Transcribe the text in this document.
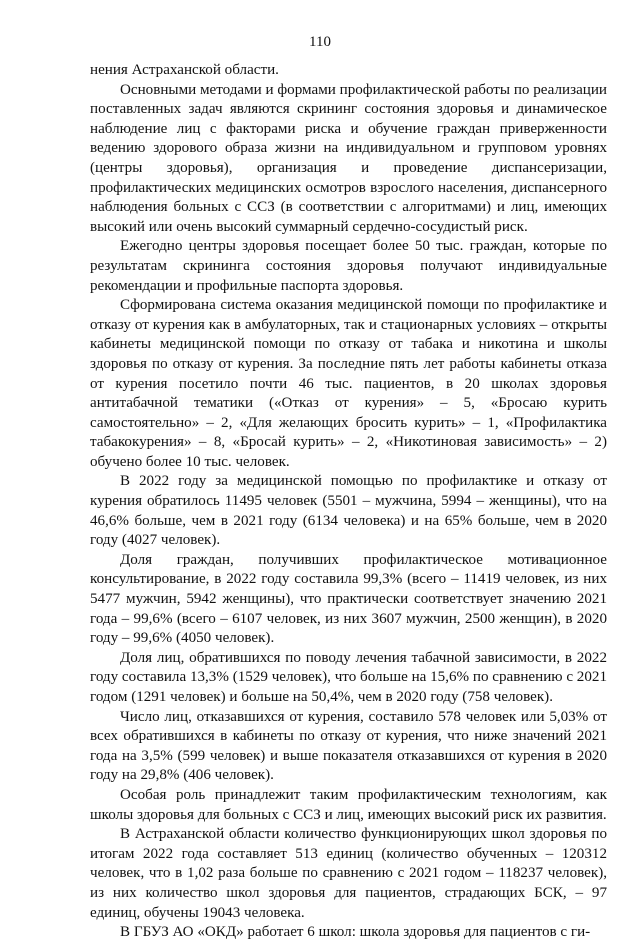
110

нения Астраханской области.

Основными методами и формами профилактической работы по реализации поставленных задач являются скрининг состояния здоровья и динамическое наблюдение лиц с факторами риска и обучение граждан приверженности ведению здорового образа жизни на индивидуальном и групповом уровнях (центры здоровья), организация и проведение диспансеризации, профилактических медицинских осмотров взрослого населения, диспансерного наблюдения больных с ССЗ (в соответствии с алгоритмами) и лиц, имеющих высокий или очень высокий суммарный сердечно-сосудистый риск.

Ежегодно центры здоровья посещает более 50 тыс. граждан, которые по результатам скрининга состояния здоровья получают индивидуальные рекомендации и профильные паспорта здоровья.

Сформирована система оказания медицинской помощи по профилактике и отказу от курения как в амбулаторных, так и стационарных условиях – открыты кабинеты медицинской помощи по отказу от табака и никотина и школы здоровья по отказу от курения. За последние пять лет работы кабинеты отказа от курения посетило почти 46 тыс. пациентов, в 20 школах здоровья антитабачной тематики («Отказ от курения» – 5, «Бросаю курить самостоятельно» – 2, «Для желающих бросить курить» – 1, «Профилактика табакокурения» – 8, «Бросай курить» – 2, «Никотиновая зависимость» – 2) обучено более 10 тыс. человек.

В 2022 году за медицинской помощью по профилактике и отказу от курения обратилось 11495 человек (5501 – мужчина, 5994 – женщины), что на 46,6% больше, чем в 2021 году (6134 человека) и на 65% больше, чем в 2020 году (4027 человек).

Доля граждан, получивших профилактическое мотивационное консультирование, в 2022 году составила 99,3% (всего – 11419 человек, из них 5477 мужчин, 5942 женщины), что практически соответствует значению 2021 года – 99,6% (всего – 6107 человек, из них 3607 мужчин, 2500 женщин), в 2020 году – 99,6% (4050 человек).

Доля лиц, обратившихся по поводу лечения табачной зависимости, в 2022 году составила 13,3% (1529 человек), что больше на 15,6% по сравнению с 2021 годом (1291 человек) и больше на 50,4%, чем в 2020 году (758 человек).

Число лиц, отказавшихся от курения, составило 578 человек или 5,03% от всех обратившихся в кабинеты по отказу от курения, что ниже значений 2021 года на 3,5% (599 человек) и выше показателя отказавшихся от курения в 2020 году на 29,8% (406 человек).

Особая роль принадлежит таким профилактическим технологиям, как школы здоровья для больных с ССЗ и лиц, имеющих высокий риск их развития.

В Астраханской области количество функционирующих школ здоровья по итогам 2022 года составляет 513 единиц (количество обученных – 120312 человек, что в 1,02 раза больше по сравнению с 2021 годом – 118237 человек), из них количество школ здоровья для пациентов, страдающих БСК, – 97 единиц, обучены 19043 человека.

В ГБУЗ АО «ОКД» работает 6 школ: школа здоровья для пациентов с ги-
